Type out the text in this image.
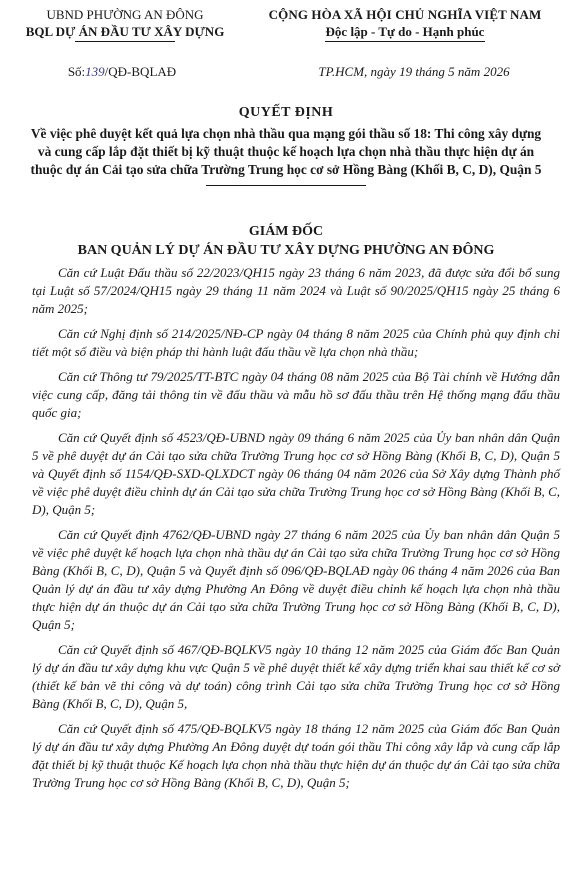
UBND PHƯỜNG AN ĐÔNG
BQL DỰ ÁN ĐẦU TƯ XÂY DỰNG
CỘNG HÒA XÃ HỘI CHỦ NGHĨA VIỆT NAM
Độc lập - Tự do - Hạnh phúc
Số:139/QĐ-BQLAĐ	TP.HCM, ngày 19 tháng 5 năm 2026
QUYẾT ĐỊNH
Về việc phê duyệt kết quả lựa chọn nhà thầu qua mạng gói thầu số 18: Thi công xây dựng và cung cấp lắp đặt thiết bị kỹ thuật thuộc kế hoạch lựa chọn nhà thầu thực hiện dự án thuộc dự án Cải tạo sửa chữa Trường Trung học cơ sở Hồng Bàng (Khối B, C, D), Quận 5
GIÁM ĐỐC
BAN QUẢN LÝ DỰ ÁN ĐẦU TƯ XÂY DỰNG PHƯỜNG AN ĐÔNG

Căn cứ Luật Đấu thầu số 22/2023/QH15 ngày 23 tháng 6 năm 2023, đã được sửa đổi bổ sung tại Luật số 57/2024/QH15 ngày 29 tháng 11 năm 2024 và Luật số 90/2025/QH15 ngày 25 tháng 6 năm 2025;

Căn cứ Nghị định số 214/2025/NĐ-CP ngày 04 tháng 8 năm 2025 của Chính phủ quy định chi tiết một số điều và biện pháp thi hành luật đấu thầu về lựa chọn nhà thầu;

Căn cứ Thông tư 79/2025/TT-BTC ngày 04 tháng 08 năm 2025 của Bộ Tài chính về Hướng dẫn việc cung cấp, đăng tải thông tin về đấu thầu và mẫu hồ sơ đấu thầu trên Hệ thống mạng đấu thầu quốc gia;

Căn cứ Quyết định số 4523/QĐ-UBND ngày 09 tháng 6 năm 2025 của Ủy ban nhân dân Quận 5 về phê duyệt dự án Cải tạo sửa chữa Trường Trung học cơ sở Hồng Bàng (Khối B, C, D), Quận 5 và Quyết định số 1154/QĐ-SXD-QLXDCT ngày 06 tháng 04 năm 2026 của Sở Xây dựng Thành phố về việc phê duyệt điều chỉnh dự án Cải tạo sửa chữa Trường Trung học cơ sở Hồng Bàng (Khối B, C, D), Quận 5;

Căn cứ Quyết định 4762/QĐ-UBND ngày 27 tháng 6 năm 2025 của Ủy ban nhân dân Quận 5 về việc phê duyệt kế hoạch lựa chọn nhà thầu dự án Cải tạo sửa chữa Trường Trung học cơ sở Hồng Bàng (Khối B, C, D), Quận 5 và Quyết định số 096/QĐ-BQLAĐ ngày 06 tháng 4 năm 2026 của Ban Quản lý dự án đầu tư xây dựng Phường An Đông về duyệt điều chỉnh kế hoạch lựa chọn nhà thầu thực hiện dự án thuộc dự án Cải tạo sửa chữa Trường Trung học cơ sở Hồng Bàng (Khối B, C, D), Quận 5;

Căn cứ Quyết định số 467/QĐ-BQLKV5 ngày 10 tháng 12 năm 2025 của Giám đốc Ban Quản lý dự án đầu tư xây dựng khu vực Quận 5 về phê duyệt thiết kế xây dựng triển khai sau thiết kế cơ sở (thiết kế bản vẽ thi công và dự toán) công trình Cải tạo sửa chữa Trường Trung học cơ sở Hồng Bàng (Khối B, C, D), Quận 5,

Căn cứ Quyết định số 475/QĐ-BQLKV5 ngày 18 tháng 12 năm 2025 của Giám đốc Ban Quản lý dự án đầu tư xây dựng Phường An Đông duyệt dự toán gói thầu Thi công xây lắp và cung cấp lắp đặt thiết bị kỹ thuật thuộc Kế hoạch lựa chọn nhà thầu thực hiện dự án thuộc dự án Cải tạo sửa chữa Trường Trung học cơ sở Hồng Bàng (Khối B, C, D), Quận 5;
